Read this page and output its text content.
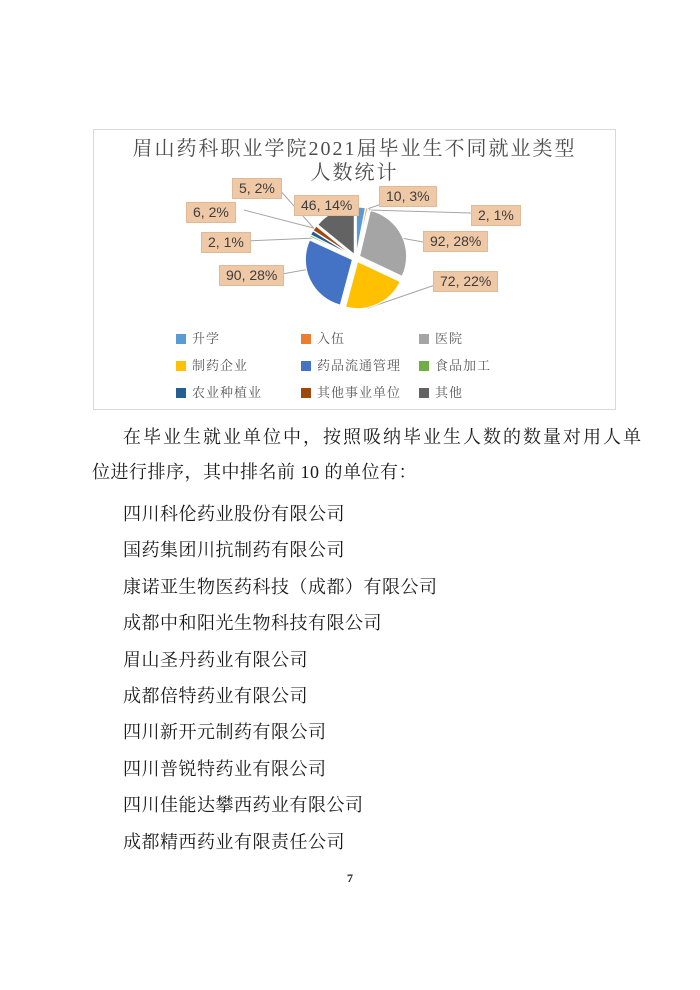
眉山药科职业学院2021届毕业生不同就业类型
人数统计
10, 3%
2, 1%
92, 28%
72, 22%
90, 28%
2, 1%
5, 2%
6, 2%	46, 14%
升学	入伍	医院
制药企业	药品流通管理	食品加工
农业种植业	其他事业单位	其他
在毕业生就业单位中，按照吸纳毕业生人数的数量对用人单
位进行排序，其中排名前 10 的单位有：

四川科伦药业股份有限公司

国药集团川抗制药有限公司

康诺亚生物医药科技（成都）有限公司

成都中和阳光生物科技有限公司

眉山圣丹药业有限公司

成都倍特药业有限公司

四川新开元制药有限公司

四川普锐特药业有限公司

四川佳能达攀西药业有限公司

成都精西药业有限责任公司

7
